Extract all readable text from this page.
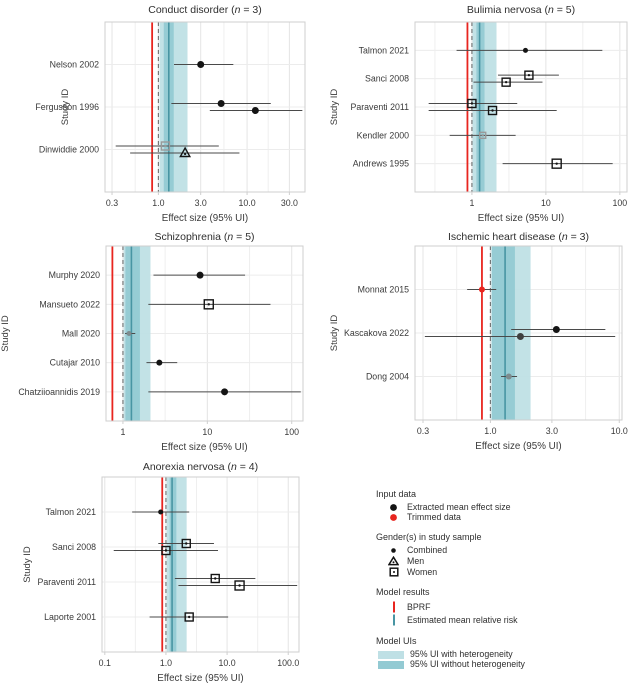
0.3	1.0	3.0	10.0	30.0
Effect size (95% UI)
Study ID
Nelson 2002
Fergusson 1996
Dinwiddie 2000
Conduct disorder (n = 3)
1	10	100
Effect size (95% UI)
Study ID
Talmon 2021
Sanci 2008
Paraventi 2011
Kendler 2000
Andrews 1995
Bulimia nervosa (n = 5)
1	10	100
Effect size (95% UI)
Study ID
Murphy 2020
Mansueto 2022
Mall 2020
Cutajar 2010
Chatziioannidis 2019
Schizophrenia (n = 5)
0.3	1.0	3.0	10.0
Effect size (95% UI)
Study ID
Monnat 2015
Kascakova 2022
Dong 2004
Ischemic heart disease (n = 3)
0.1	1.0	10.0	100.0
Effect size (95% UI)
Study ID
Talmon 2021
Sanci 2008
Paraventi 2011
Laporte 2001
Anorexia nervosa (n = 4)
Input data
Extracted mean effect size
Trimmed data
Gender(s) in study sample
Combined
Men
Women
Model results
BPRF
Estimated mean relative risk
Model UIs
95% UI with heterogeneity
95% UI without heterogeneity
